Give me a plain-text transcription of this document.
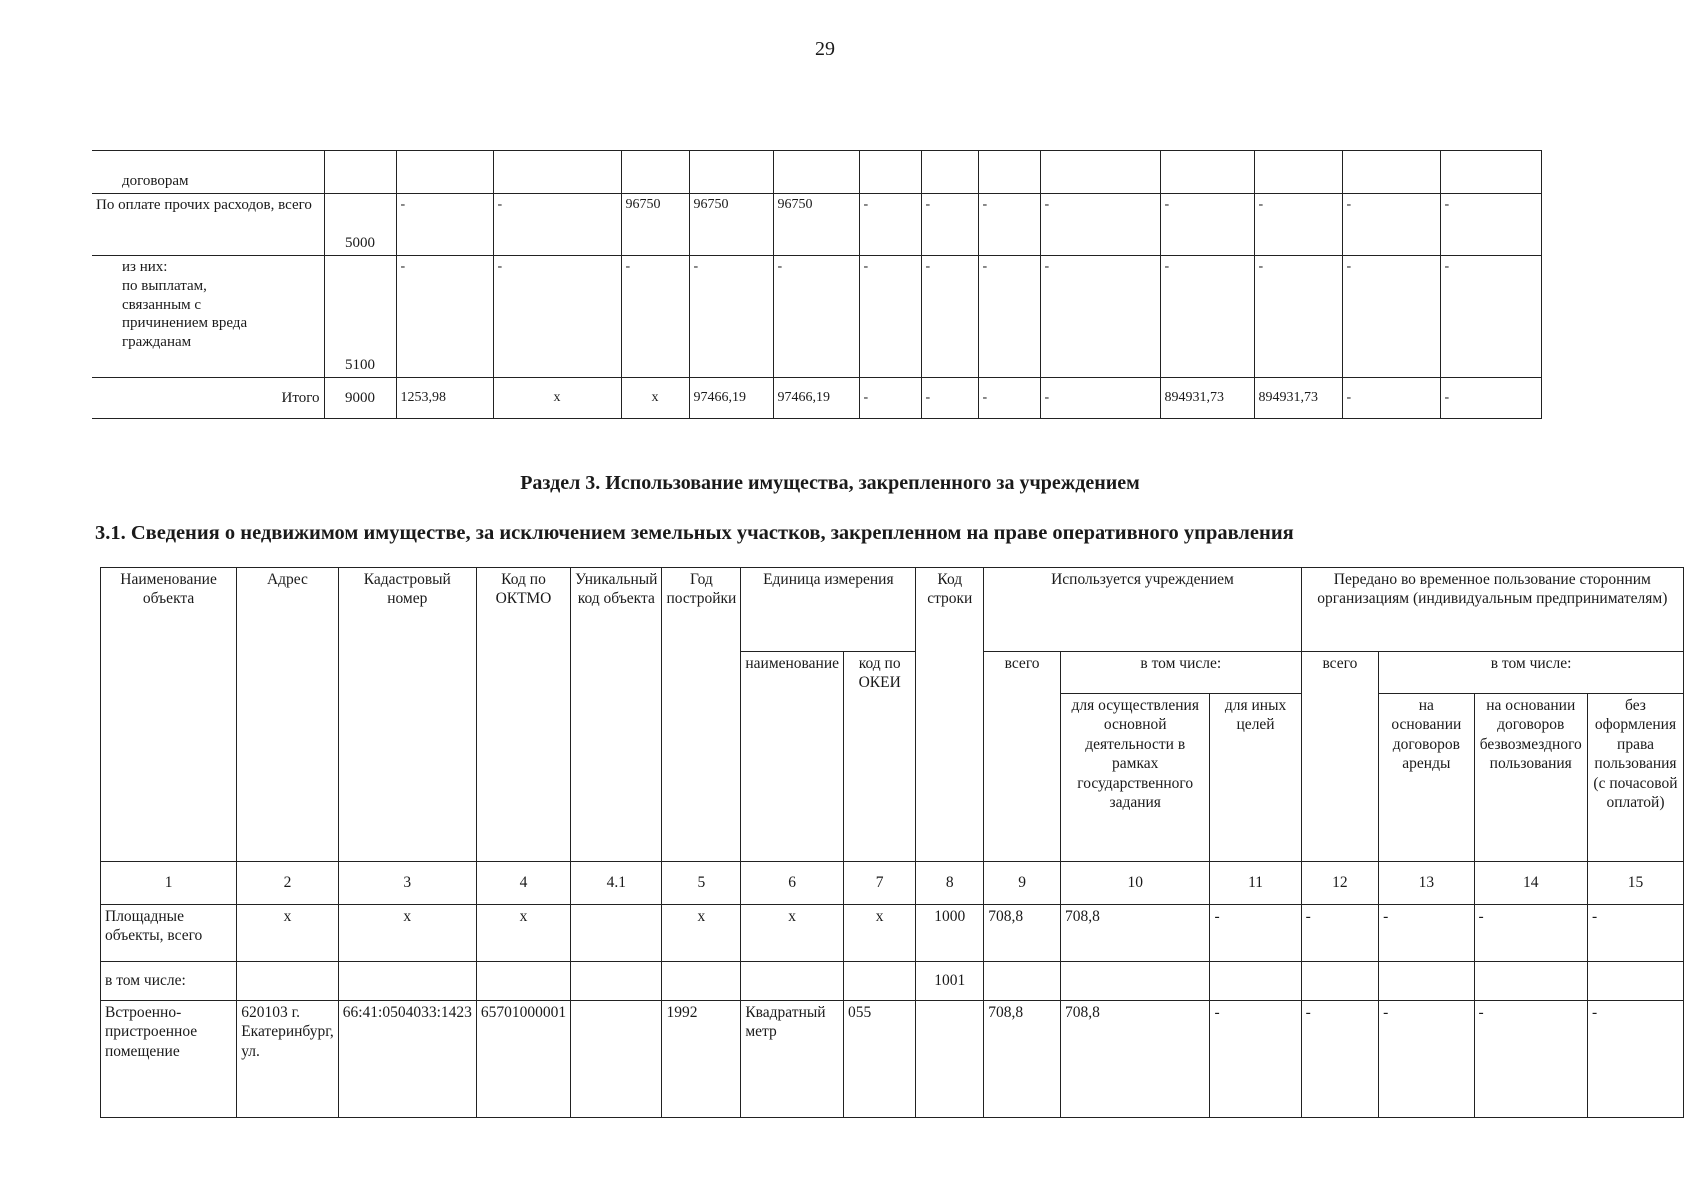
29
договорам														
По оплате прочих расходов, всего	5000	-	-	96750	96750	96750	-	-	-	-	-	-	-	-
из них:
по выплатам,
связанным с
причинением вреда
гражданам	5100	-	-	-	-	-	-	-	-	-	-	-	-	-
Итого	9000	1253,98	x	x	97466,19	97466,19	-	-	-	-	894931,73	894931,73	-	-
Раздел 3. Использование имущества, закрепленного за учреждением
3.1. Сведения о недвижимом имуществе, за исключением земельных участков, закрепленном на праве оперативного управления
Наименование объекта	Адрес	Кадастровый номер	Код по ОКТМО	Уникальный код объекта	Год постройки	Единица измерения		Код строки	Используется учреждением			Передано во временное пользование сторонним организациям (индивидуальным предпринимателям)			
						наименование	код по ОКЕИ		всего	в том числе:		всего	в том числе:		
										для осуществления основной деятельности в рамках государственного задания	для иных целей		на основании договоров аренды	на основании договоров безвозмездного пользования	без оформления права пользования (с почасовой оплатой)
1	2	3	4	4.1	5	6	7	8	9	10	11	12	13	14	15
Площадные объекты, всего	x	x	x		x	x	x	1000	708,8	708,8	-	-	-	-	-
в том числе:								1001							
Встроенно-пристроенное помещение	620103 г. Екатеринбург, ул.	66:41:0504033:1423	65701000001		1992	Квадратный метр	055		708,8	708,8	-	-	-	-	-
